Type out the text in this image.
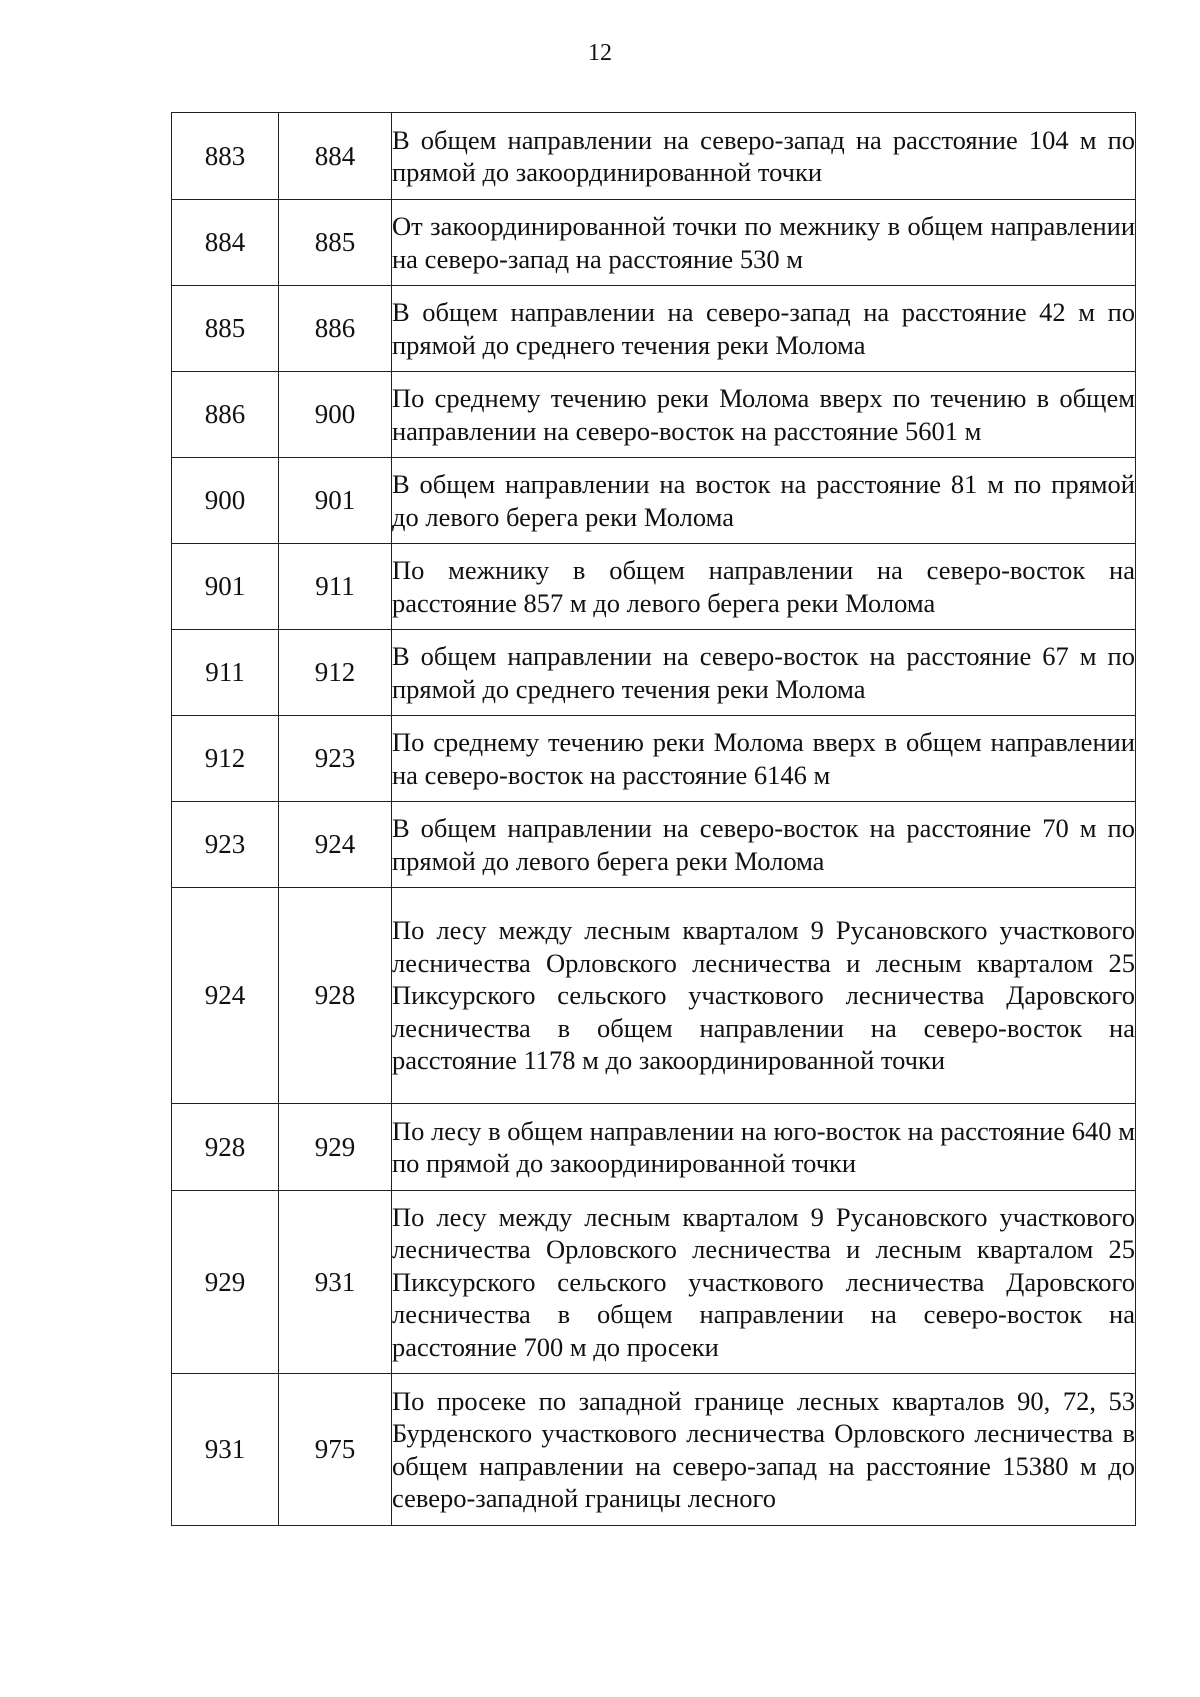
12
883	884	В общем направлении на северо-запад на расстояние 104 м по прямой до закоординированной точки
884	885	От закоординированной точки по межнику в общем направлении на северо-запад на расстояние 530 м
885	886	В общем направлении на северо-запад на расстояние 42 м по прямой до среднего течения реки Молома
886	900	По среднему течению реки Молома вверх по течению в общем направлении на северо-восток на расстояние 5601 м
900	901	В общем направлении на восток на расстояние 81 м по прямой до левого берега реки Молома
901	911	По межнику в общем направлении на северо-восток на расстояние 857 м до левого берега реки Молома
911	912	В общем направлении на северо-восток на расстояние 67 м по прямой до среднего течения реки Молома
912	923	По среднему течению реки Молома вверх в общем направлении на северо-восток на расстояние 6146 м
923	924	В общем направлении на северо-восток на расстояние 70 м по прямой до левого берега реки Молома
924	928	По лесу между лесным кварталом 9 Русановского участкового лесничества Орловского лесничества и лесным кварталом 25 Пиксурского сельского участкового лесничества Даровского лесничества в общем направлении на северо-восток на расстояние 1178 м до закоординированной точки
928	929	По лесу в общем направлении на юго-восток на расстояние 640 м по прямой до закоординированной точки
929	931	По лесу между лесным кварталом 9 Русановского участкового лесничества Орловского лесничества и лесным кварталом 25 Пиксурского сельского участкового лесничества Даровского лесничества в общем направлении на северо-восток на расстояние 700 м до просеки
931	975	По просеке по западной границе лесных кварталов 90, 72, 53 Бурденского участкового лесничества Орловского лесничества в общем направлении на северо-запад на расстояние 15380 м до северо-западной границы лесного
